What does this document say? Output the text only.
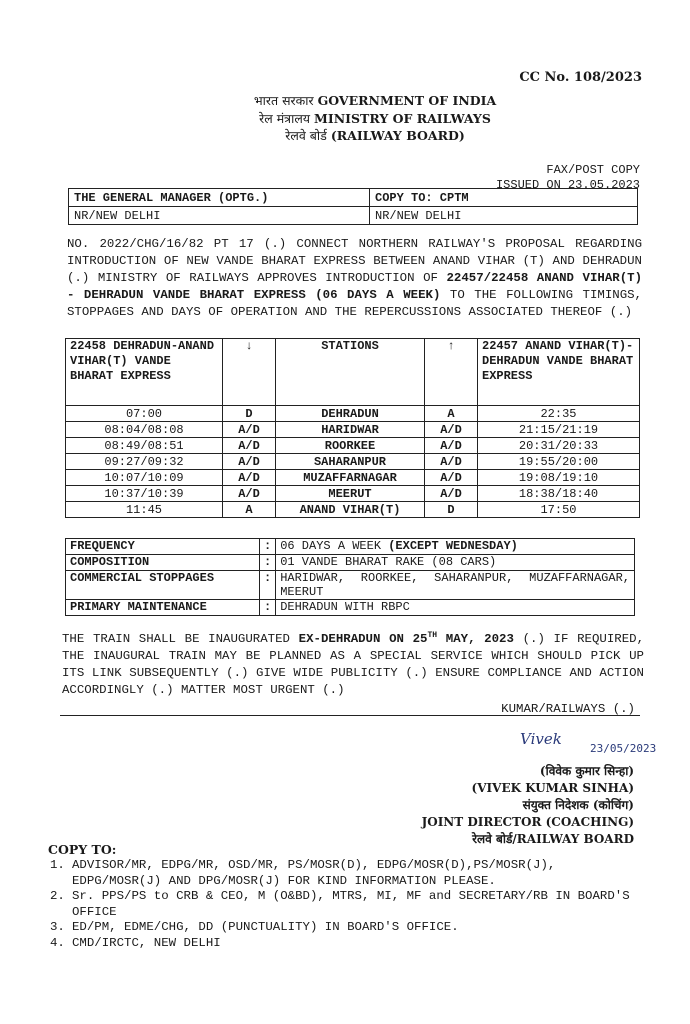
CC No. 108/2023
भारत सरकार GOVERNMENT OF INDIA
रेल मंत्रालय MINISTRY OF RAILWAYS
रेलवे बोर्ड (RAILWAY BOARD)
FAX/POST COPY
ISSUED ON 23.05.2023
THE GENERAL MANAGER (OPTG.)	COPY TO: CPTM
NR/NEW DELHI	NR/NEW DELHI
NO. 2022/CHG/16/82 PT 17 (.) CONNECT NORTHERN RAILWAY'S PROPOSAL REGARDING INTRODUCTION OF NEW VANDE BHARAT EXPRESS BETWEEN ANAND VIHAR (T) AND DEHRADUN (.) MINISTRY OF RAILWAYS APPROVES INTRODUCTION OF 22457/22458 ANAND VIHAR(T) - DEHRADUN VANDE BHARAT EXPRESS (06 DAYS A WEEK) TO THE FOLLOWING TIMINGS, STOPPAGES AND DAYS OF OPERATION AND THE REPERCUSSIONS ASSOCIATED THEREOF (.)
22458 DEHRADUN-ANAND VIHAR(T) VANDE BHARAT EXPRESS	↓	STATIONS	↑	22457 ANAND VIHAR(T)-DEHRADUN VANDE BHARAT EXPRESS
07:00	D	DEHRADUN	A	22:35
08:04/08:08	A/D	HARIDWAR	A/D	21:15/21:19
08:49/08:51	A/D	ROORKEE	A/D	20:31/20:33
09:27/09:32	A/D	SAHARANPUR	A/D	19:55/20:00
10:07/10:09	A/D	MUZAFFARNAGAR	A/D	19:08/19:10
10:37/10:39	A/D	MEERUT	A/D	18:38/18:40
11:45	A	ANAND VIHAR(T)	D	17:50
FREQUENCY	:	06 DAYS A WEEK (EXCEPT WEDNESDAY)
COMPOSITION	:	01 VANDE BHARAT RAKE (08 CARS)
COMMERCIAL STOPPAGES	:	HARIDWAR, ROORKEE, SAHARANPUR, MUZAFFARNAGAR, MEERUT
PRIMARY MAINTENANCE	:	DEHRADUN WITH RBPC
THE TRAIN SHALL BE INAUGURATED EX-DEHRADUN ON 25TH MAY, 2023 (.) IF REQUIRED, THE INAUGURAL TRAIN MAY BE PLANNED AS A SPECIAL SERVICE WHICH SHOULD PICK UP ITS LINK SUBSEQUENTLY (.) GIVE WIDE PUBLICITY (.) ENSURE COMPLIANCE AND ACTION ACCORDINGLY (.) MATTER MOST URGENT (.)
KUMAR/RAILWAYS (.)
Vivek
23/05/2023
(विवेक कुमार सिन्हा)
(VIVEK KUMAR SINHA)
संयुक्त निदेशक (कोचिंग)
JOINT DIRECTOR (COACHING)
रेलवे बोर्ड/RAILWAY BOARD
COPY TO:
1. ADVISOR/MR, EDPG/MR, OSD/MR, PS/MOSR(D), EDPG/MOSR(D),PS/MOSR(J), EDPG/MOSR(J) AND DPG/MOSR(J) FOR KIND INFORMATION PLEASE.
2. Sr. PPS/PS to CRB & CEO, M (O&BD), MTRS, MI, MF and SECRETARY/RB IN BOARD'S OFFICE
3. ED/PM, EDME/CHG, DD (PUNCTUALITY) IN BOARD'S OFFICE.
4. CMD/IRCTC, NEW DELHI
